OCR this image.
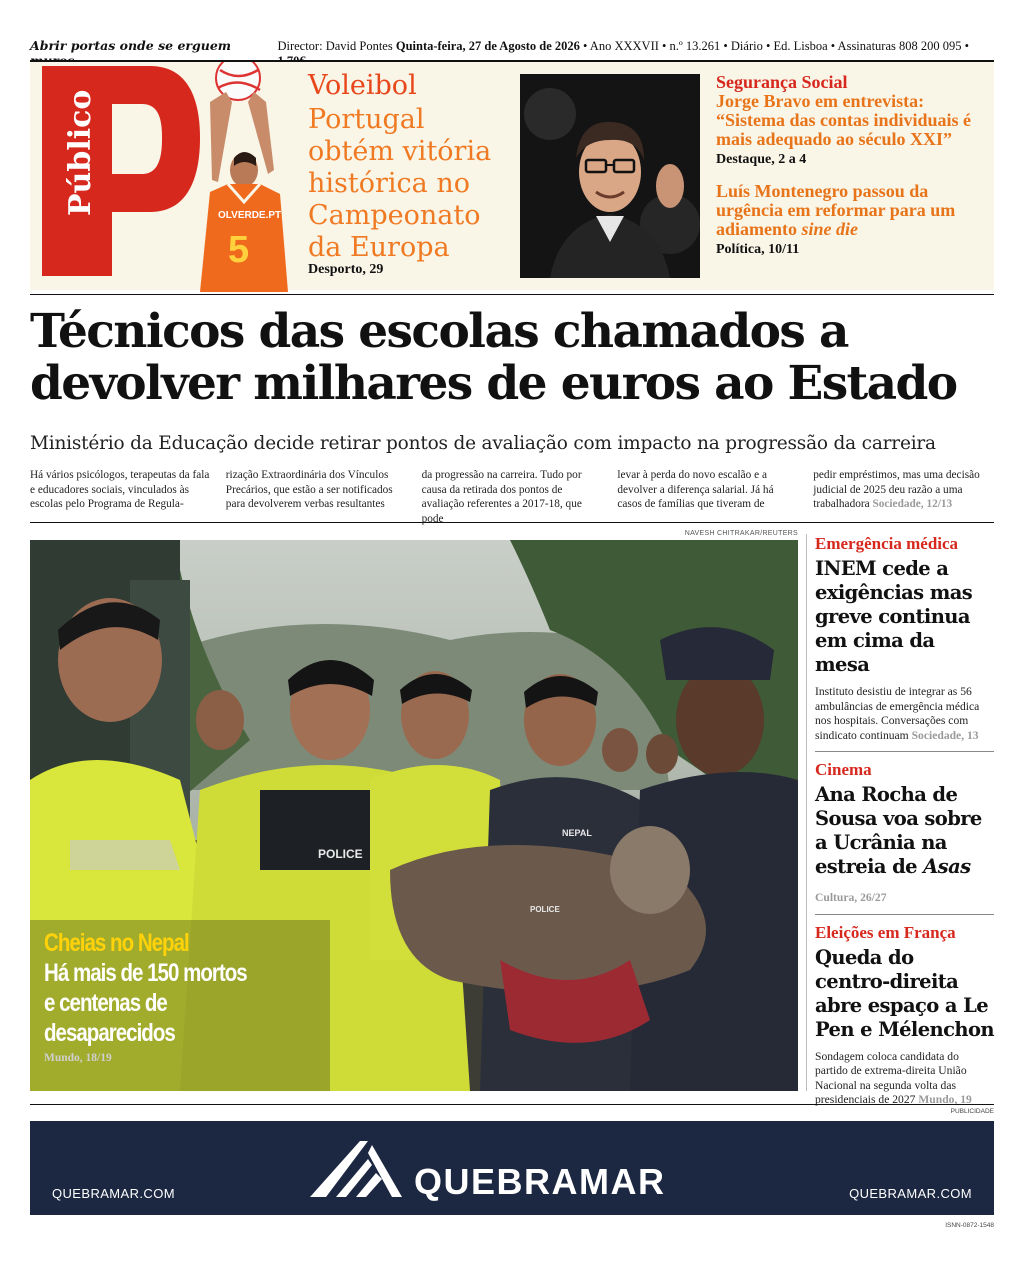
Abrir portas onde se erguem	Director: David Pontes Quinta-feira, 27 de Agosto de 2026 • Ano XXXVII • n.º 13.261 • Diário • Ed. Lisboa • Assinaturas 808 200 095 •
Público	OLVERDE.PT
5
Voleibol
Portugal obtém vitória histórica no Campeonato da Europa
Desporto, 29
Segurança Social
Jorge Bravo em entrevista: “Sistema das contas individuais é mais adequado ao século XXI”
Destaque, 2 a 4
Luís Montenegro passou da urgência em reformar para um adiamento sine die
Política, 10/11
Técnicos das escolas chamados a devolver milhares de euros ao Estado
Ministério da Educação decide retirar pontos de avaliação com impacto na progressão da carreira
Há vários psicólogos, terapeutas da fala e educadores sociais, vinculados às escolas pelo Programa de Regula-
rização Extraordinária dos Vínculos Precários, que estão a ser notificados para devolverem verbas resultantes
da progressão na carreira. Tudo por causa da retirada dos pontos de avaliação referentes a 2017-18, que pode
levar à perda do novo escalão e a devolver a diferença salarial. Já há casos de famílias que tiveram de
pedir empréstimos, mas uma decisão judicial de 2025 deu razão a uma trabalhadora Sociedade, 12/13
NAVESH CHITRAKAR/REUTERS
POLICE
NEPAL
POLICE
Cheias no Nepal
Há mais de 150 mortos e centenas de desaparecidos
Mundo, 18/19
Emergência médica
INEM cede a exigências mas greve continua em cima da mesa
Instituto desistiu de integrar as 56 ambulâncias de emergência médica nos hospitais. Conversações com sindicato continuam Sociedade, 13
Cinema
Ana Rocha de Sousa voa sobre a Ucrânia na estreia de Asas
Cultura, 26/27
Eleições em França
Queda do centro-direita abre espaço a Le Pen e Mélenchon
Sondagem coloca candidata do partido de extrema-direita União Nacional na segunda volta das presidenciais de 2027 Mundo, 19
PUBLICIDADE
QUEBRAMAR.COM	QUEBRAMAR	QUEBRAMAR.COM
ISNN-0872-1548
